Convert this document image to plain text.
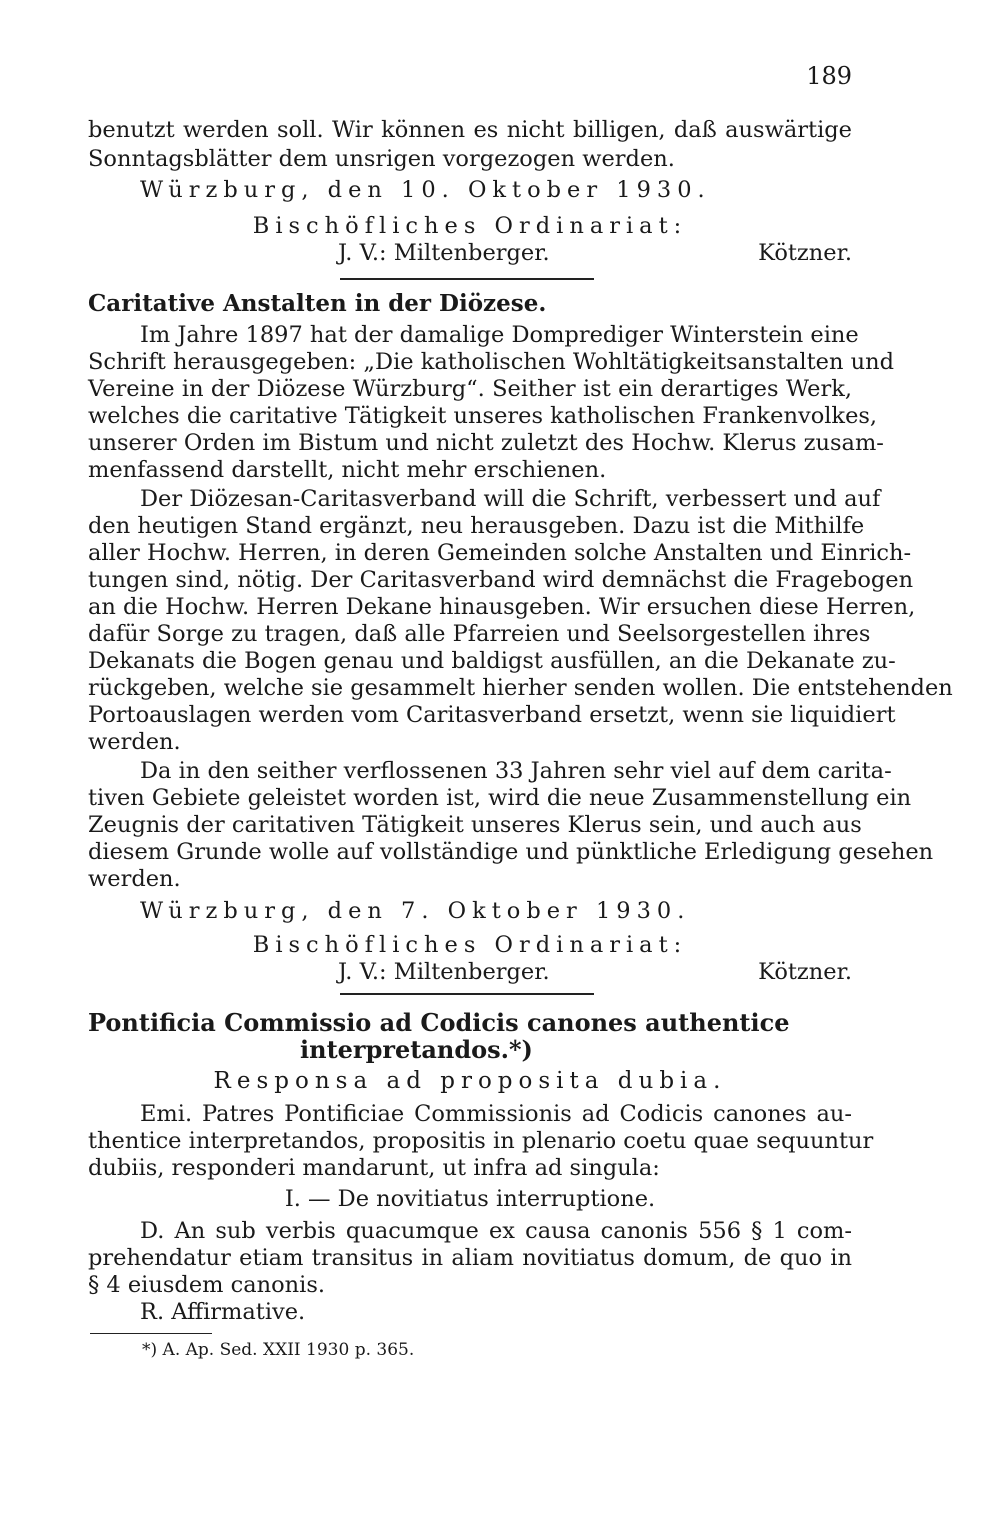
189
benutzt werden soll. Wir können es nicht billigen, daß auswärtige
Sonntagsblätter dem unsrigen vorgezogen werden.
Würzburg, den 10. Oktober 1930.
Bischöfliches Ordinariat:
J. V.: Miltenberger.	Kötzner.
Caritative Anstalten in der Diözese.
Im Jahre 1897 hat der damalige Domprediger Winterstein eine
Schrift herausgegeben: „Die katholischen Wohltätigkeitsanstalten und
Vereine in der Diözese Würzburg“. Seither ist ein derartiges Werk,
welches die caritative Tätigkeit unseres katholischen Frankenvolkes,
unserer Orden im Bistum und nicht zuletzt des Hochw. Klerus zusam-
menfassend darstellt, nicht mehr erschienen.
Der Diözesan-Caritasverband will die Schrift, verbessert und auf
den heutigen Stand ergänzt, neu herausgeben. Dazu ist die Mithilfe
aller Hochw. Herren, in deren Gemeinden solche Anstalten und Einrich-
tungen sind, nötig. Der Caritasverband wird demnächst die Fragebogen
an die Hochw. Herren Dekane hinausgeben. Wir ersuchen diese Herren,
dafür Sorge zu tragen, daß alle Pfarreien und Seelsorgestellen ihres
Dekanats die Bogen genau und baldigst ausfüllen, an die Dekanate zu-
rückgeben, welche sie gesammelt hierher senden wollen. Die entstehenden
Portoauslagen werden vom Caritasverband ersetzt, wenn sie liquidiert
werden.
Da in den seither verflossenen 33 Jahren sehr viel auf dem carita-
tiven Gebiete geleistet worden ist, wird die neue Zusammenstellung ein
Zeugnis der caritativen Tätigkeit unseres Klerus sein, und auch aus
diesem Grunde wolle auf vollständige und pünktliche Erledigung gesehen
werden.
Würzburg, den 7. Oktober 1930.
Bischöfliches Ordinariat:
J. V.: Miltenberger.	Kötzner.
Pontificia Commissio ad Codicis canones authentice
interpretandos.*)
Responsa ad proposita dubia.
Emi. Patres Pontificiae Commissionis ad Codicis canones au-
thentice interpretandos, propositis in plenario coetu quae sequuntur
dubiis, responderi mandarunt, ut infra ad singula:
I. — De novitiatus interruptione.
D. An sub verbis quacumque ex causa canonis 556 § 1 com-
prehendatur etiam transitus in aliam novitiatus domum, de quo in
§ 4 eiusdem canonis.
R. Affirmative.
*) A. Ap. Sed. XXII 1930 p. 365.
